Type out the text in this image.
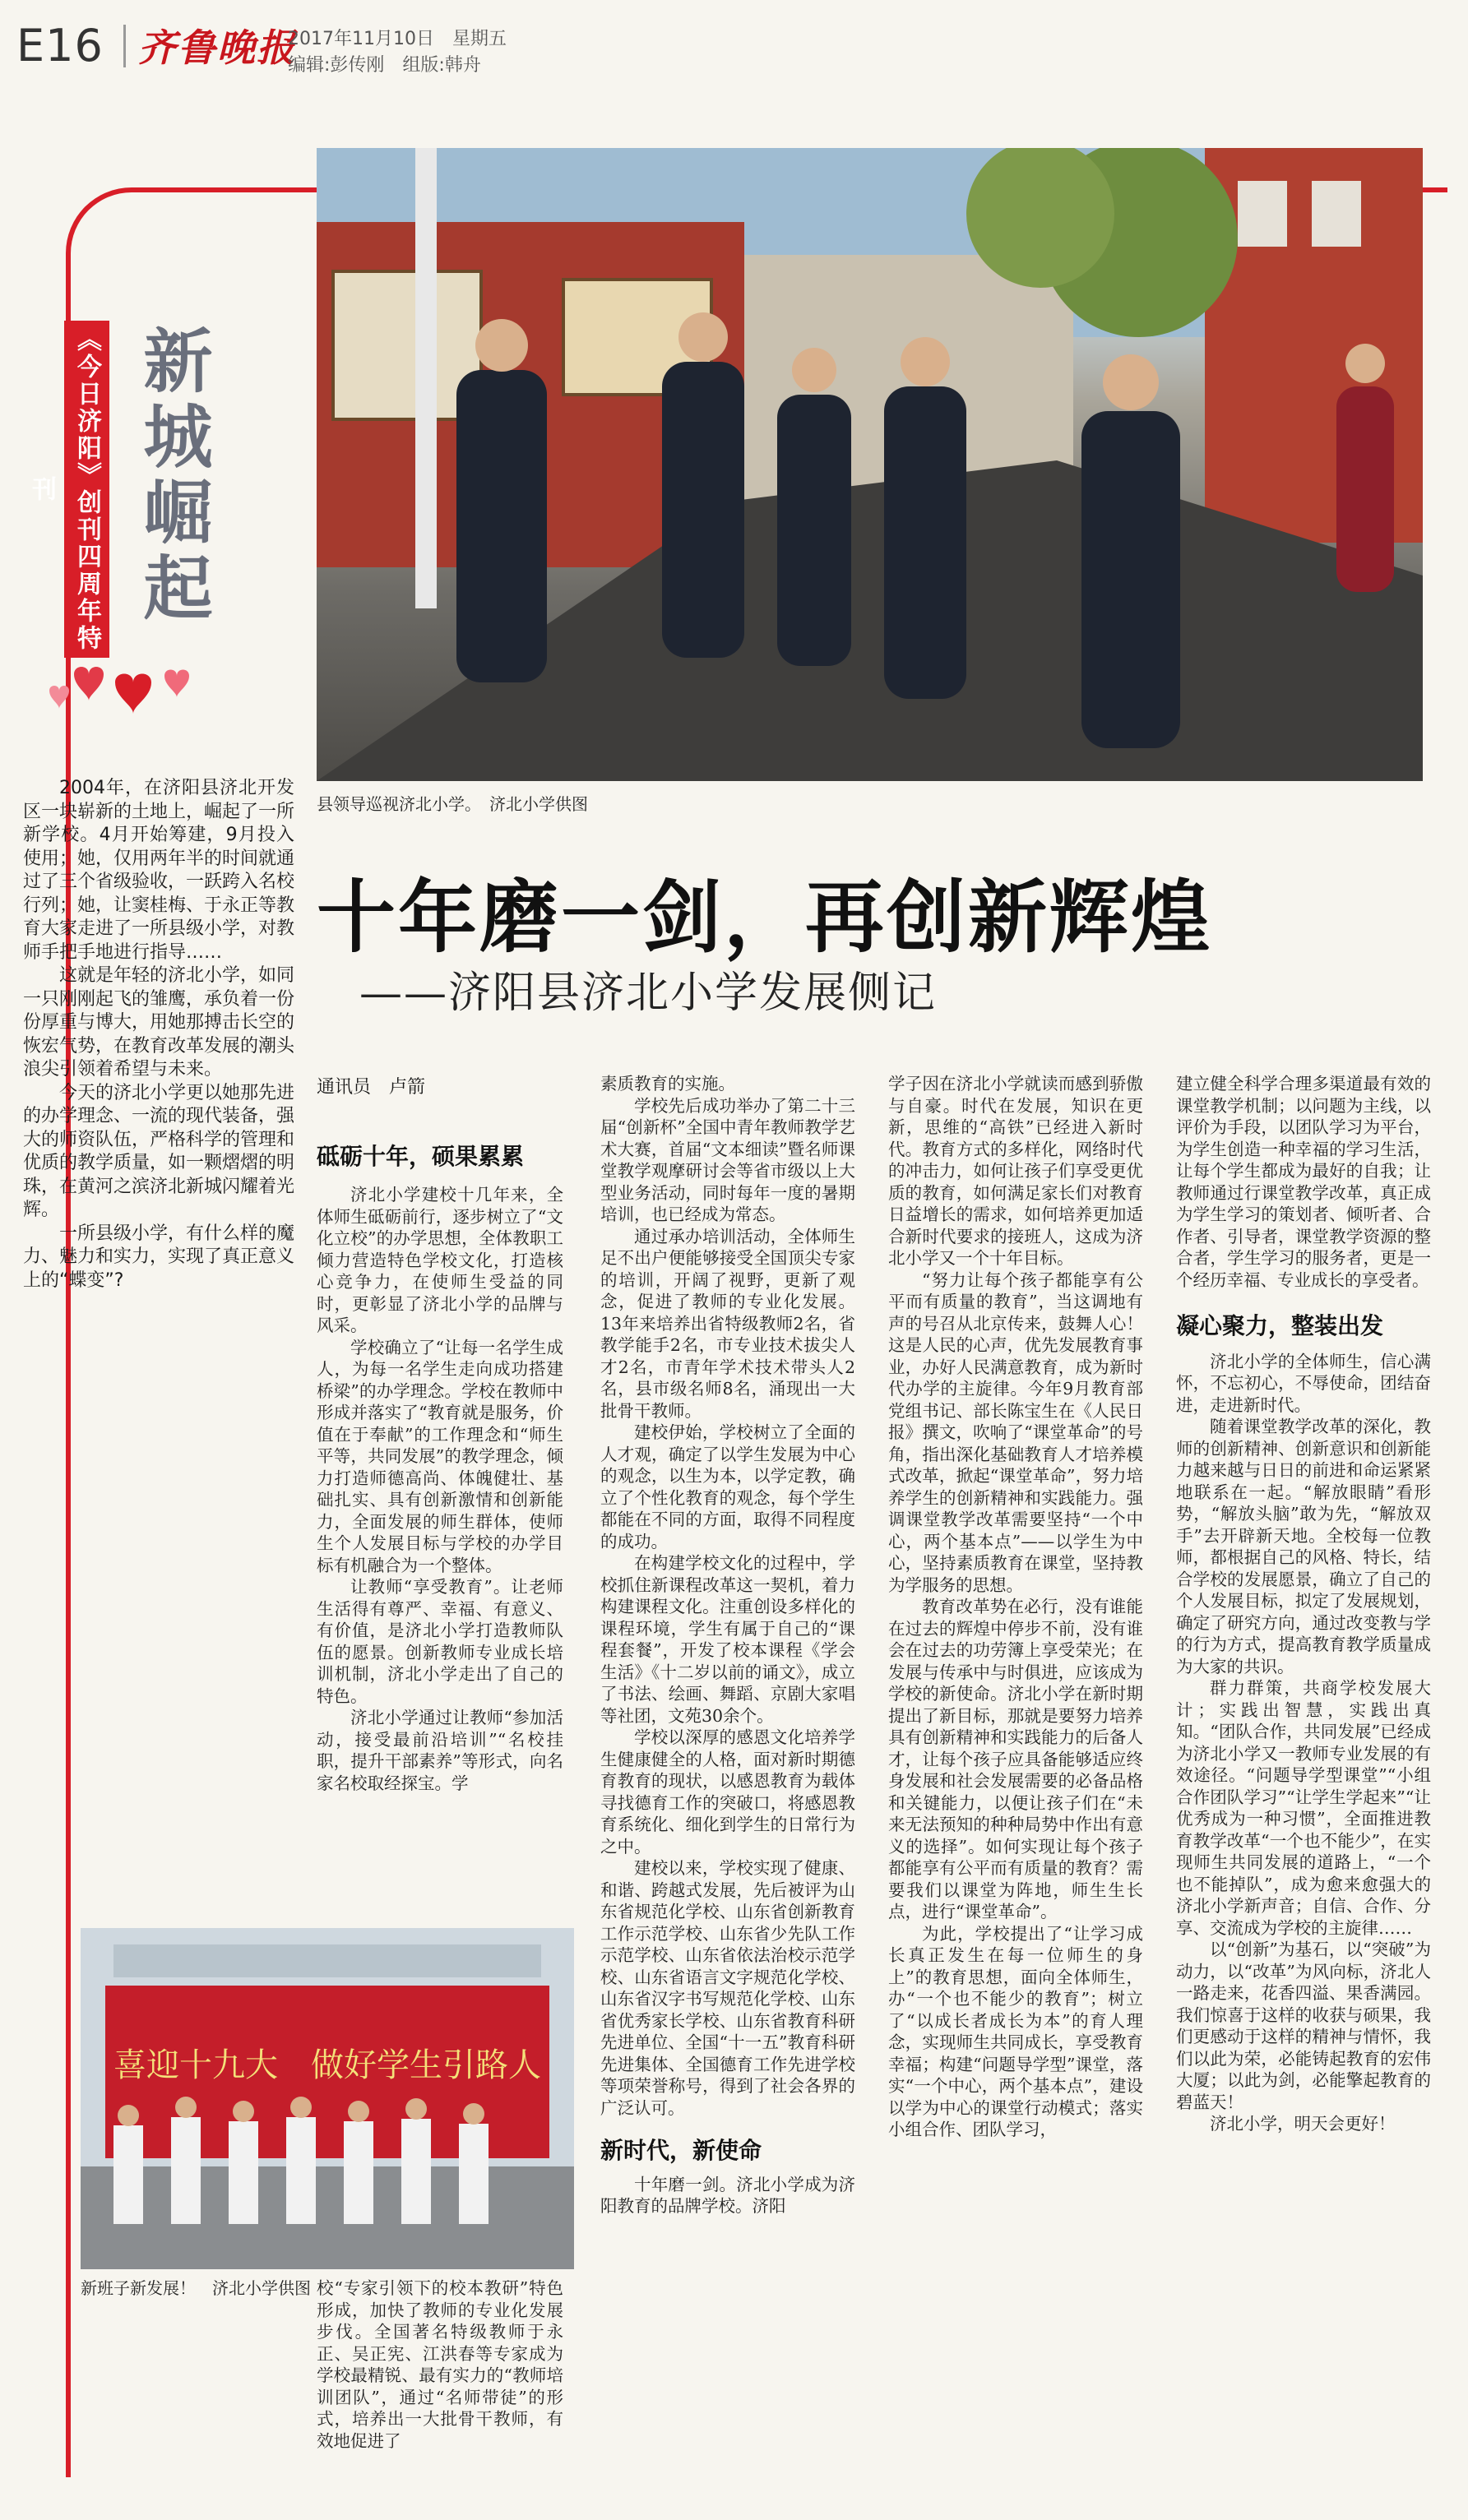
E16 齐鲁晚报
2017年11月10日　星期五
编辑:彭传刚　组版:韩舟
《今日济阳》创刊四周年特刊	新城崛起
县领导巡视济北小学。　济北小学供图

2004年，在济阳县济北开发区一块崭新的土地上，崛起了一所新学校。4月开始筹建，9月投入使用；她，仅用两年半的时间就通过了三个省级验收，一跃跨入名校行列；她，让窦桂梅、于永正等教育大家走进了一所县级小学，对教师手把手地进行指导……

这就是年轻的济北小学，如同一只刚刚起飞的雏鹰，承负着一份份厚重与博大，用她那搏击长空的恢宏气势，在教育改革发展的潮头浪尖引领着希望与未来。

今天的济北小学更以她那先进的办学理念、一流的现代装备，强大的师资队伍，严格科学的管理和优质的教学质量，如一颗熠熠的明珠，在黄河之滨济北新城闪耀着光辉。

一所县级小学，有什么样的魔力、魅力和实力，实现了真正意义上的“蝶变”?

十年磨一剑，再创新辉煌
——济阳县济北小学发展侧记
通讯员　卢箭
砥砺十年，硕果累累

济北小学建校十几年来，全体师生砥砺前行，逐步树立了“文化立校”的办学思想，全体教职工倾力营造特色学校文化，打造核心竞争力，在使师生受益的同时，更彰显了济北小学的品牌与风采。

学校确立了“让每一名学生成人，为每一名学生走向成功搭建桥梁”的办学理念。学校在教师中形成并落实了“教育就是服务，价值在于奉献”的工作理念和“师生平等，共同发展”的教学理念，倾力打造师德高尚、体魄健壮、基础扎实、具有创新激情和创新能力，全面发展的师生群体，使师生个人发展目标与学校的办学目标有机融合为一个整体。

让教师“享受教育”。让老师生活得有尊严、幸福、有意义、有价值，是济北小学打造教师队伍的愿景。创新教师专业成长培训机制，济北小学走出了自己的特色。

济北小学通过让教师“参加活动，接受最前沿培训”“名校挂职，提升干部素养”等形式，向名家名校取经探宝。学

喜迎十九大　做好学生引路人
新班子新发展！　济北小学供图 校“专家引领下的校本教研”特色形成，加快了教师的专业化发展步伐。全国著名特级教师于永正、吴正宪、江洪春等专家成为学校最精锐、最有实力的“教师培训团队”，通过“名师带徒”的形式，培养出一大批骨干教师，有效地促进了

素质教育的实施。

学校先后成功举办了第二十三届“创新杯”全国中青年教师教学艺术大赛，首届“文本细读”暨名师课堂教学观摩研讨会等省市级以上大型业务活动，同时每年一度的暑期培训，也已经成为常态。

通过承办培训活动，全体师生足不出户便能够接受全国顶尖专家的培训，开阔了视野，更新了观念，促进了教师的专业化发展。13年来培养出省特级教师2名，省教学能手2名，市专业技术拔尖人才2名，市青年学术技术带头人2名，县市级名师8名，涌现出一大批骨干教师。

建校伊始，学校树立了全面的人才观，确定了以学生发展为中心的观念，以生为本，以学定教，确立了个性化教育的观念，每个学生都能在不同的方面，取得不同程度的成功。

在构建学校文化的过程中，学校抓住新课程改革这一契机，着力构建课程文化。注重创设多样化的课程环境，学生有属于自己的“课程套餐”，开发了校本课程《学会生活》《十二岁以前的诵文》，成立了书法、绘画、舞蹈、京剧大家唱等社团，文苑30余个。

学校以深厚的感恩文化培养学生健康健全的人格，面对新时期德育教育的现状，以感恩教育为载体寻找德育工作的突破口，将感恩教育系统化、细化到学生的日常行为之中。

建校以来，学校实现了健康、和谐、跨越式发展，先后被评为山东省规范化学校、山东省创新教育工作示范学校、山东省少先队工作示范学校、山东省依法治校示范学校、山东省语言文字规范化学校、山东省汉字书写规范化学校、山东省优秀家长学校、山东省教育科研先进单位、全国“十一五”教育科研先进集体、全国德育工作先进学校等项荣誉称号，得到了社会各界的广泛认可。

新时代，新使命

十年磨一剑。济北小学成为济阳教育的品牌学校。济阳

学子因在济北小学就读而感到骄傲与自豪。时代在发展，知识在更新，思维的“高铁”已经进入新时代。教育方式的多样化，网络时代的冲击力，如何让孩子们享受更优质的教育，如何满足家长们对教育日益增长的需求，如何培养更加适合新时代要求的接班人，这成为济北小学又一个十年目标。

“努力让每个孩子都能享有公平而有质量的教育”，当这调地有声的号召从北京传来，鼓舞人心！这是人民的心声，优先发展教育事业，办好人民满意教育，成为新时代办学的主旋律。今年9月教育部党组书记、部长陈宝生在《人民日报》撰文，吹响了“课堂革命”的号角，指出深化基础教育人才培养模式改革，掀起“课堂革命”，努力培养学生的创新精神和实践能力。强调课堂教学改革需要坚持“一个中心，两个基本点”——以学生为中心，坚持素质教育在课堂，坚持教为学服务的思想。

教育改革势在必行，没有谁能在过去的辉煌中停步不前，没有谁会在过去的功劳簿上享受荣光；在发展与传承中与时俱进，应该成为学校的新使命。济北小学在新时期提出了新目标，那就是要努力培养具有创新精神和实践能力的后备人才，让每个孩子应具备能够适应终身发展和社会发展需要的必备品格和关键能力，以便让孩子们在“未来无法预知的种种局势中作出有意义的选择”。如何实现让每个孩子都能享有公平而有质量的教育？需要我们以课堂为阵地，师生生长点，进行“课堂革命”。

为此，学校提出了“让学习成长真正发生在每一位师生的身上”的教育思想，面向全体师生，办“一个也不能少的教育”；树立了“以成长者成长为本”的育人理念，实现师生共同成长，享受教育幸福；构建“问题导学型”课堂，落实“一个中心，两个基本点”，建设以学为中心的课堂行动模式；落实小组合作、团队学习，

建立健全科学合理多渠道最有效的课堂教学机制；以问题为主线，以评价为手段，以团队学习为平台，为学生创造一种幸福的学习生活，让每个学生都成为最好的自我；让教师通过行课堂教学改革，真正成为学生学习的策划者、倾听者、合作者、引导者，课堂教学资源的整合者，学生学习的服务者，更是一个经历幸福、专业成长的享受者。

凝心聚力，整装出发

济北小学的全体师生，信心满怀，不忘初心，不辱使命，团结奋进，走进新时代。

随着课堂教学改革的深化，教师的创新精神、创新意识和创新能力越来越与日日的前进和命运紧紧地联系在一起。“解放眼睛”看形势，“解放头脑”敢为先，“解放双手”去开辟新天地。全校每一位教师，都根据自己的风格、特长，结合学校的发展愿景，确立了自己的个人发展目标，拟定了发展规划，确定了研究方向，通过改变教与学的行为方式，提高教育教学质量成为大家的共识。

群力群策，共商学校发展大计；实践出智慧，实践出真知。“团队合作，共同发展”已经成为济北小学又一教师专业发展的有效途径。“问题导学型课堂”“小组合作团队学习”“让学生学起来”“让优秀成为一种习惯”，全面推进教育教学改革“一个也不能少”，在实现师生共同发展的道路上，“一个也不能掉队”，成为愈来愈强大的济北小学新声音；自信、合作、分享、交流成为学校的主旋律……

以“创新”为基石，以“突破”为动力，以“改革”为风向标，济北人一路走来，花香四溢、果香满园。我们惊喜于这样的收获与硕果，我们更感动于这样的精神与情怀，我们以此为荣，必能铸起教育的宏伟大厦；以此为剑，必能擎起教育的碧蓝天！

济北小学，明天会更好！
